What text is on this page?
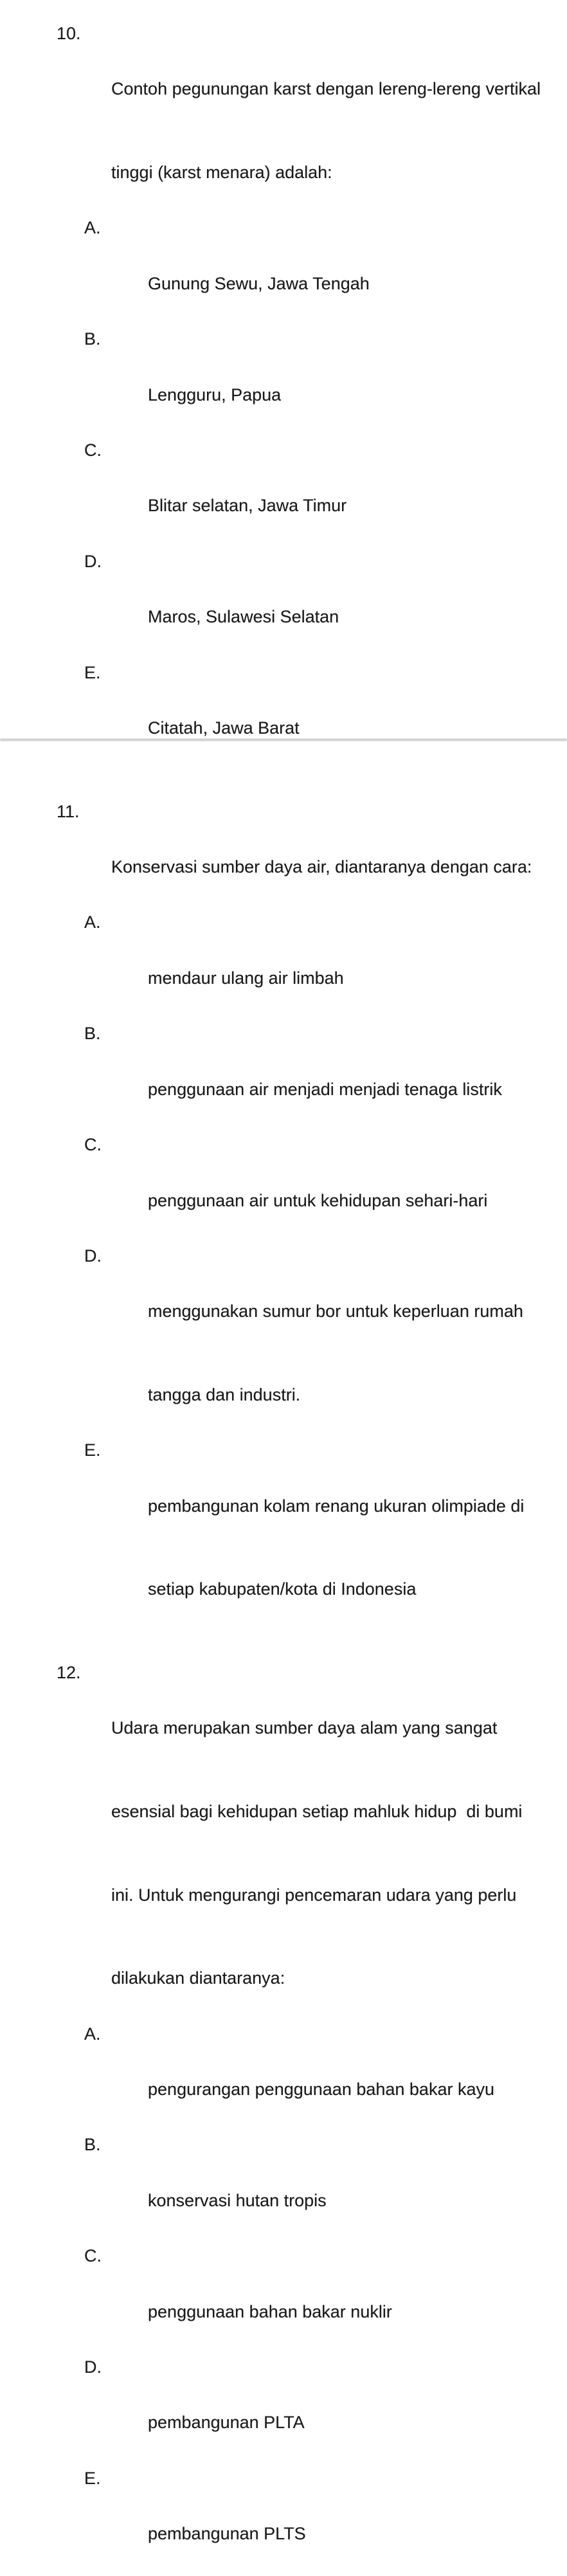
10.

Contoh pegunungan karst dengan lereng-lereng vertikal

tinggi (karst menara) adalah:

A.

Gunung Sewu, Jawa Tengah

B.

Lengguru, Papua

C.

Blitar selatan, Jawa Timur

D.

Maros, Sulawesi Selatan

E.

Citatah, Jawa Barat

11.

Konservasi sumber daya air, diantaranya dengan cara:

A.

mendaur ulang air limbah

B.

penggunaan air menjadi menjadi tenaga listrik

C.

penggunaan air untuk kehidupan sehari-hari

D.

menggunakan sumur bor untuk keperluan rumah

tangga dan industri.

E.

pembangunan kolam renang ukuran olimpiade di

setiap kabupaten/kota di Indonesia

12.

Udara merupakan sumber daya alam yang sangat

esensial bagi kehidupan setiap mahluk hidup  di bumi

ini. Untuk mengurangi pencemaran udara yang perlu

dilakukan diantaranya:

A.

pengurangan penggunaan bahan bakar kayu

B.

konservasi hutan tropis

C.

penggunaan bahan bakar nuklir

D.

pembangunan PLTA

E.

pembangunan PLTS
